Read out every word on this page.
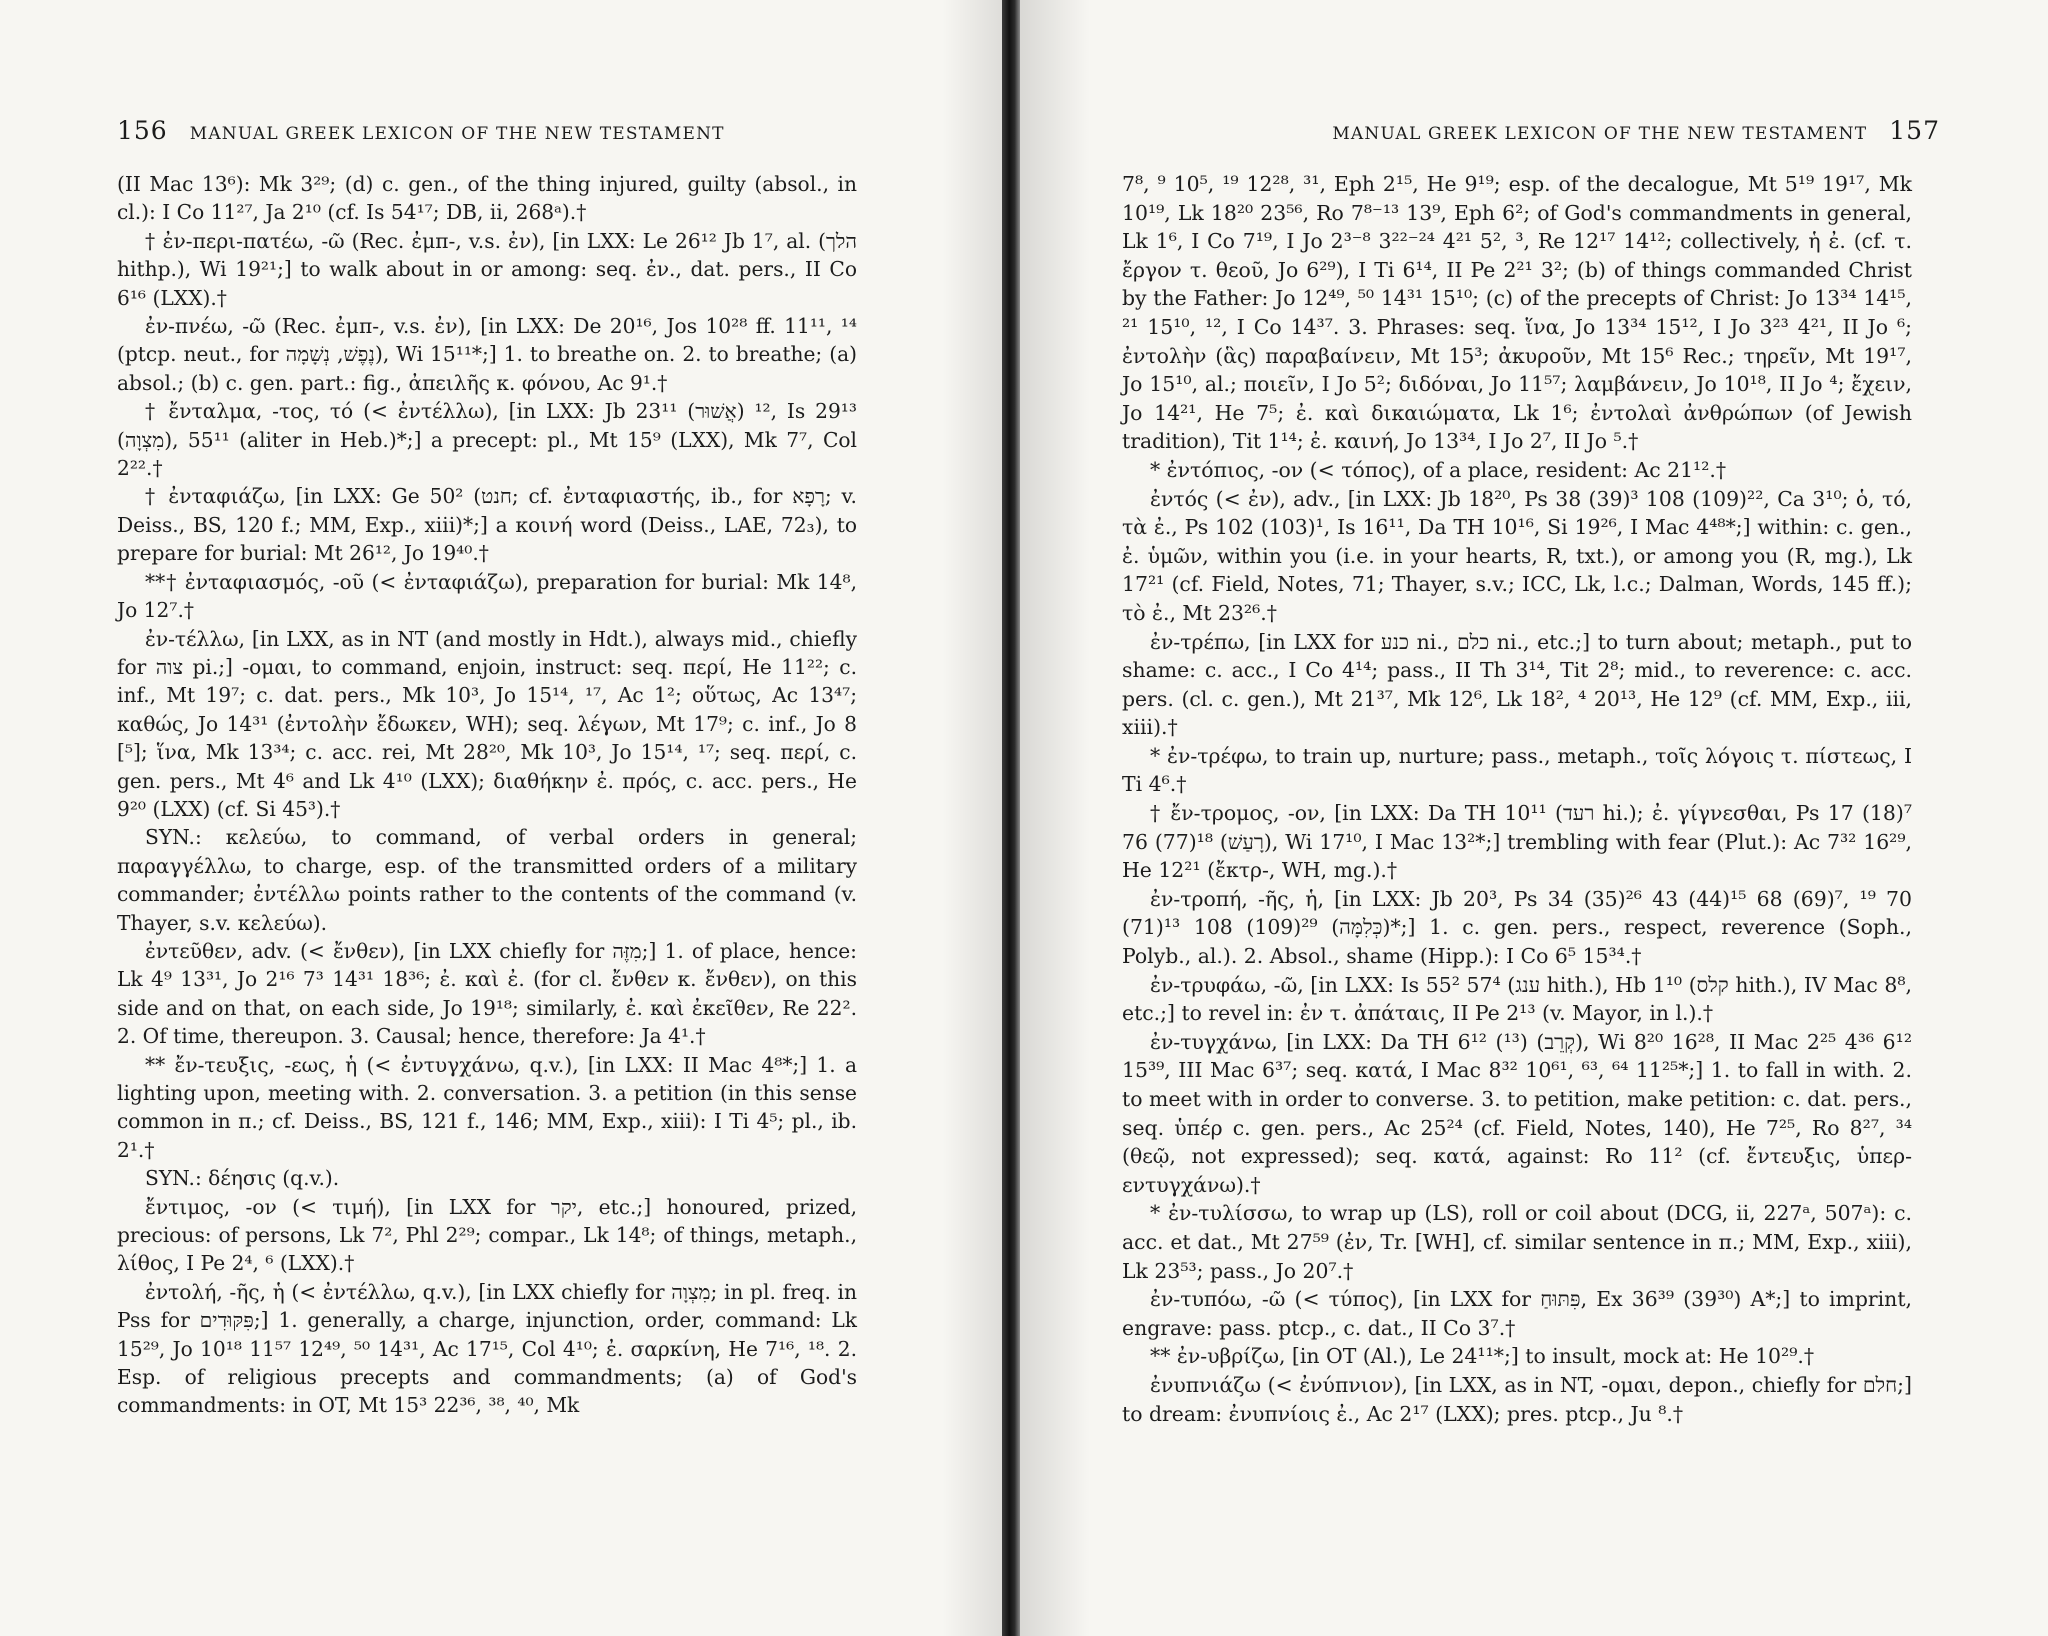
156 MANUAL GREEK LEXICON OF THE NEW TESTAMENT

(II Mac 13⁶): Mk 3²⁹; (d) c. gen., of the thing injured, guilty (absol., in cl.): I Co 11²⁷, Ja 2¹⁰ (cf. Is 54¹⁷; DB, ii, 268ᵃ).†

† ἐν-περι-πατέω, -ῶ (Rec. ἐμπ-, v.s. ἐν), [in LXX: Le 26¹² Jb 1⁷, al. (הלך hithp.), Wi 19²¹;] to walk about in or among: seq. ἐν., dat. pers., II Co 6¹⁶ (LXX).†

ἐν-πνέω, -ῶ (Rec. ἐμπ-, v.s. ἐν), [in LXX: De 20¹⁶, Jos 10²⁸ ff. 11¹¹, ¹⁴ (ptcp. neut., for נֶפֶשׁ, נְשָׁמָה), Wi 15¹¹*;] 1. to breathe on. 2. to breathe; (a) absol.; (b) c. gen. part.: fig., ἀπειλῆς κ. φόνου, Ac 9¹.†

† ἔνταλμα, -τος, τό (< ἐντέλλω), [in LXX: Jb 23¹¹ (אֲשׁוּר) ¹², Is 29¹³ (מִצְוָה), 55¹¹ (aliter in Heb.)*;] a precept: pl., Mt 15⁹ (LXX), Mk 7⁷, Col 2²².†

† ἐνταφιάζω, [in LXX: Ge 50² (חנט; cf. ἐνταφιαστής, ib., for רָפָא; v. Deiss., BS, 120 f.; MM, Exp., xiii)*;] a κοινή word (Deiss., LAE, 72₃), to prepare for burial: Mt 26¹², Jo 19⁴⁰.†

**† ἐνταφιασμός, -οῦ (< ἐνταφιάζω), preparation for burial: Mk 14⁸, Jo 12⁷.†

ἐν-τέλλω, [in LXX, as in NT (and mostly in Hdt.), always mid., chiefly for צוה pi.;] -ομαι, to command, enjoin, instruct: seq. περί, He 11²²; c. inf., Mt 19⁷; c. dat. pers., Mk 10³, Jo 15¹⁴, ¹⁷, Ac 1²; οὕτως, Ac 13⁴⁷; καθώς, Jo 14³¹ (ἐντολὴν ἔδωκεν, WH); seq. λέγων, Mt 17⁹; c. inf., Jo 8 [⁵]; ἵνα, Mk 13³⁴; c. acc. rei, Mt 28²⁰, Mk 10³, Jo 15¹⁴, ¹⁷; seq. περί, c. gen. pers., Mt 4⁶ and Lk 4¹⁰ (LXX); διαθήκην ἐ. πρός, c. acc. pers., He 9²⁰ (LXX) (cf. Si 45³).†

SYN.: κελεύω, to command, of verbal orders in general; παραγγέλλω, to charge, esp. of the transmitted orders of a military commander; ἐντέλλω points rather to the contents of the command (v. Thayer, s.v. κελεύω).

ἐντεῦθεν, adv. (< ἔνθεν), [in LXX chiefly for מִזֶּה;] 1. of place, hence: Lk 4⁹ 13³¹, Jo 2¹⁶ 7³ 14³¹ 18³⁶; ἐ. καὶ ἐ. (for cl. ἔνθεν κ. ἔνθεν), on this side and on that, on each side, Jo 19¹⁸; similarly, ἐ. καὶ ἐκεῖθεν, Re 22². 2. Of time, thereupon. 3. Causal; hence, therefore: Ja 4¹.†

** ἔν-τευξις, -εως, ἡ (< ἐντυγχάνω, q.v.), [in LXX: II Mac 4⁸*;] 1. a lighting upon, meeting with. 2. conversation. 3. a petition (in this sense common in π.; cf. Deiss., BS, 121 f., 146; MM, Exp., xiii): I Ti 4⁵; pl., ib. 2¹.†

SYN.: δέησις (q.v.).

ἔντιμος, -ον (< τιμή), [in LXX for יקר, etc.;] honoured, prized, precious: of persons, Lk 7², Phl 2²⁹; compar., Lk 14⁸; of things, metaph., λίθος, I Pe 2⁴, ⁶ (LXX).†

ἐντολή, -ῆς, ἡ (< ἐντέλλω, q.v.), [in LXX chiefly for מִצְוָה; in pl. freq. in Pss for פִּקּוּדִים;] 1. generally, a charge, injunction, order, command: Lk 15²⁹, Jo 10¹⁸ 11⁵⁷ 12⁴⁹, ⁵⁰ 14³¹, Ac 17¹⁵, Col 4¹⁰; ἐ. σαρκίνη, He 7¹⁶, ¹⁸. 2. Esp. of religious precepts and commandments; (a) of God's commandments: in OT, Mt 15³ 22³⁶, ³⁸, ⁴⁰, Mk

MANUAL GREEK LEXICON OF THE NEW TESTAMENT 157

7⁸, ⁹ 10⁵, ¹⁹ 12²⁸, ³¹, Eph 2¹⁵, He 9¹⁹; esp. of the decalogue, Mt 5¹⁹ 19¹⁷, Mk 10¹⁹, Lk 18²⁰ 23⁵⁶, Ro 7⁸⁻¹³ 13⁹, Eph 6²; of God's commandments in general, Lk 1⁶, I Co 7¹⁹, I Jo 2³⁻⁸ 3²²⁻²⁴ 4²¹ 5², ³, Re 12¹⁷ 14¹²; collectively, ἡ ἐ. (cf. τ. ἔργον τ. θεοῦ, Jo 6²⁹), I Ti 6¹⁴, II Pe 2²¹ 3²; (b) of things commanded Christ by the Father: Jo 12⁴⁹, ⁵⁰ 14³¹ 15¹⁰; (c) of the precepts of Christ: Jo 13³⁴ 14¹⁵, ²¹ 15¹⁰, ¹², I Co 14³⁷. 3. Phrases: seq. ἵνα, Jo 13³⁴ 15¹², I Jo 3²³ 4²¹, II Jo ⁶; ἐντολὴν (ἃς) παραβαίνειν, Mt 15³; ἀκυροῦν, Mt 15⁶ Rec.; τηρεῖν, Mt 19¹⁷, Jo 15¹⁰, al.; ποιεῖν, I Jo 5²; διδόναι, Jo 11⁵⁷; λαμβάνειν, Jo 10¹⁸, II Jo ⁴; ἔχειν, Jo 14²¹, He 7⁵; ἐ. καὶ δικαιώματα, Lk 1⁶; ἐντολαὶ ἀνθρώπων (of Jewish tradition), Tit 1¹⁴; ἐ. καινή, Jo 13³⁴, I Jo 2⁷, II Jo ⁵.†

* ἐντόπιος, -ον (< τόπος), of a place, resident: Ac 21¹².†

ἐντός (< ἐν), adv., [in LXX: Jb 18²⁰, Ps 38 (39)³ 108 (109)²², Ca 3¹⁰; ὁ, τό, τὰ ἐ., Ps 102 (103)¹, Is 16¹¹, Da TH 10¹⁶, Si 19²⁶, I Mac 4⁴⁸*;] within: c. gen., ἐ. ὑμῶν, within you (i.e. in your hearts, R, txt.), or among you (R, mg.), Lk 17²¹ (cf. Field, Notes, 71; Thayer, s.v.; ICC, Lk, l.c.; Dalman, Words, 145 ff.); τὸ ἐ., Mt 23²⁶.†

ἐν-τρέπω, [in LXX for כנע ni., כלם ni., etc.;] to turn about; metaph., put to shame: c. acc., I Co 4¹⁴; pass., II Th 3¹⁴, Tit 2⁸; mid., to reverence: c. acc. pers. (cl. c. gen.), Mt 21³⁷, Mk 12⁶, Lk 18², ⁴ 20¹³, He 12⁹ (cf. MM, Exp., iii, xiii).†

* ἐν-τρέφω, to train up, nurture; pass., metaph., τοῖς λόγοις τ. πίστεως, I Ti 4⁶.†

† ἔν-τρομος, -ον, [in LXX: Da TH 10¹¹ (רעד hi.); ἐ. γίγνεσθαι, Ps 17 (18)⁷ 76 (77)¹⁸ (רָעַשׁ), Wi 17¹⁰, I Mac 13²*;] trembling with fear (Plut.): Ac 7³² 16²⁹, He 12²¹ (ἔκτρ-, WH, mg.).†

ἐν-τροπή, -ῆς, ἡ, [in LXX: Jb 20³, Ps 34 (35)²⁶ 43 (44)¹⁵ 68 (69)⁷, ¹⁹ 70 (71)¹³ 108 (109)²⁹ (כְּלִמָּה)*;] 1. c. gen. pers., respect, reverence (Soph., Polyb., al.). 2. Absol., shame (Hipp.): I Co 6⁵ 15³⁴.†

ἐν-τρυφάω, -ῶ, [in LXX: Is 55² 57⁴ (ענג hith.), Hb 1¹⁰ (קלס hith.), IV Mac 8⁸, etc.;] to revel in: ἐν τ. ἀπάταις, II Pe 2¹³ (v. Mayor, in l.).†

ἐν-τυγχάνω, [in LXX: Da TH 6¹² (¹³) (קְרֵב), Wi 8²⁰ 16²⁸, II Mac 2²⁵ 4³⁶ 6¹² 15³⁹, III Mac 6³⁷; seq. κατά, I Mac 8³² 10⁶¹, ⁶³, ⁶⁴ 11²⁵*;] 1. to fall in with. 2. to meet with in order to converse. 3. to petition, make petition: c. dat. pers., seq. ὑπέρ c. gen. pers., Ac 25²⁴ (cf. Field, Notes, 140), He 7²⁵, Ro 8²⁷, ³⁴ (θεῷ, not expressed); seq. κατά, against: Ro 11² (cf. ἔντευξις, ὑπερ-εντυγχάνω).†

* ἐν-τυλίσσω, to wrap up (LS), roll or coil about (DCG, ii, 227ᵃ, 507ᵃ): c. acc. et dat., Mt 27⁵⁹ (ἐν, Tr. [WH], cf. similar sentence in π.; MM, Exp., xiii), Lk 23⁵³; pass., Jo 20⁷.†

ἐν-τυπόω, -ῶ (< τύπος), [in LXX for פִּתּוּחַ, Ex 36³⁹ (39³⁰) A*;] to imprint, engrave: pass. ptcp., c. dat., II Co 3⁷.†

** ἐν-υβρίζω, [in OT (Al.), Le 24¹¹*;] to insult, mock at: He 10²⁹.†

ἐνυπνιάζω (< ἐνύπνιον), [in LXX, as in NT, -ομαι, depon., chiefly for חלם;] to dream: ἐνυπνίοις ἐ., Ac 2¹⁷ (LXX); pres. ptcp., Ju ⁸.†
